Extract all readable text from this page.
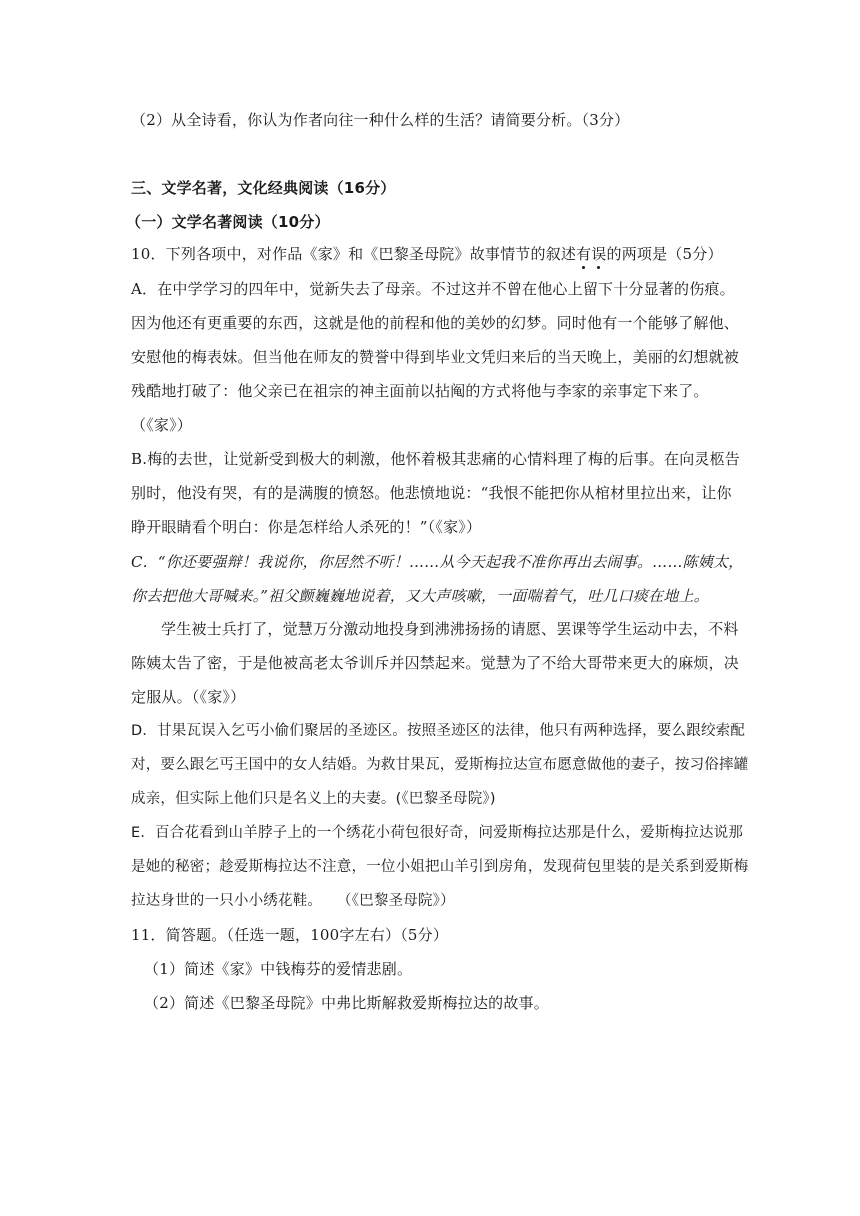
（2）从全诗看，你认为作者向往一种什么样的生活？请简要分析。（3分）
三、文学名著，文化经典阅读（16分）
（一）文学名著阅读（10分）
10．下列各项中，对作品《家》和《巴黎圣母院》故事情节的叙述有误的两项是（5分）
A．在中学学习的四年中，觉新失去了母亲。不过这并不曾在他心上留下十分显著的伤痕。
因为他还有更重要的东西，这就是他的前程和他的美妙的幻梦。同时他有一个能够了解他、
安慰他的梅表妹。但当他在师友的赞誉中得到毕业文凭归来后的当天晚上，美丽的幻想就被
残酷地打破了：他父亲已在祖宗的神主面前以拈阄的方式将他与李家的亲事定下来了。
（《家》）
B.梅的去世，让觉新受到极大的刺激，他怀着极其悲痛的心情料理了梅的后事。在向灵柩告
别时，他没有哭，有的是满腹的愤怒。他悲愤地说：“我恨不能把你从棺材里拉出来，让你
睁开眼睛看个明白：你是怎样给人杀死的！”（《家》）
C．“你还要强辩！我说你，你居然不听！……从今天起我不准你再出去闹事。……陈姨太，
你去把他大哥喊来。”祖父颤巍巍地说着，又大声咳嗽，一面喘着气，吐几口痰在地上。
学生被士兵打了，觉慧万分激动地投身到沸沸扬扬的请愿、罢课等学生运动中去，不料
陈姨太告了密，于是他被高老太爷训斥并囚禁起来。觉慧为了不给大哥带来更大的麻烦，决
定服从。（《家》）
D．甘果瓦误入乞丐小偷们聚居的圣迹区。按照圣迹区的法律，他只有两种选择，要么跟绞索配
对，要么跟乞丐王国中的女人结婚。为救甘果瓦，爱斯梅拉达宣布愿意做他的妻子，按习俗摔罐
成亲，但实际上他们只是名义上的夫妻。(《巴黎圣母院》)
E．百合花看到山羊脖子上的一个绣花小荷包很好奇，问爱斯梅拉达那是什么，爱斯梅拉达说那
是她的秘密；趁爱斯梅拉达不注意，一位小姐把山羊引到房角，发现荷包里装的是关系到爱斯梅
拉达身世的一只小小绣花鞋。　　（《巴黎圣母院》）
11．简答题。（任选一题，100字左右）（5分）
（1）简述《家》中钱梅芬的爱情悲剧。
（2）简述《巴黎圣母院》中弗比斯解救爱斯梅拉达的故事。
